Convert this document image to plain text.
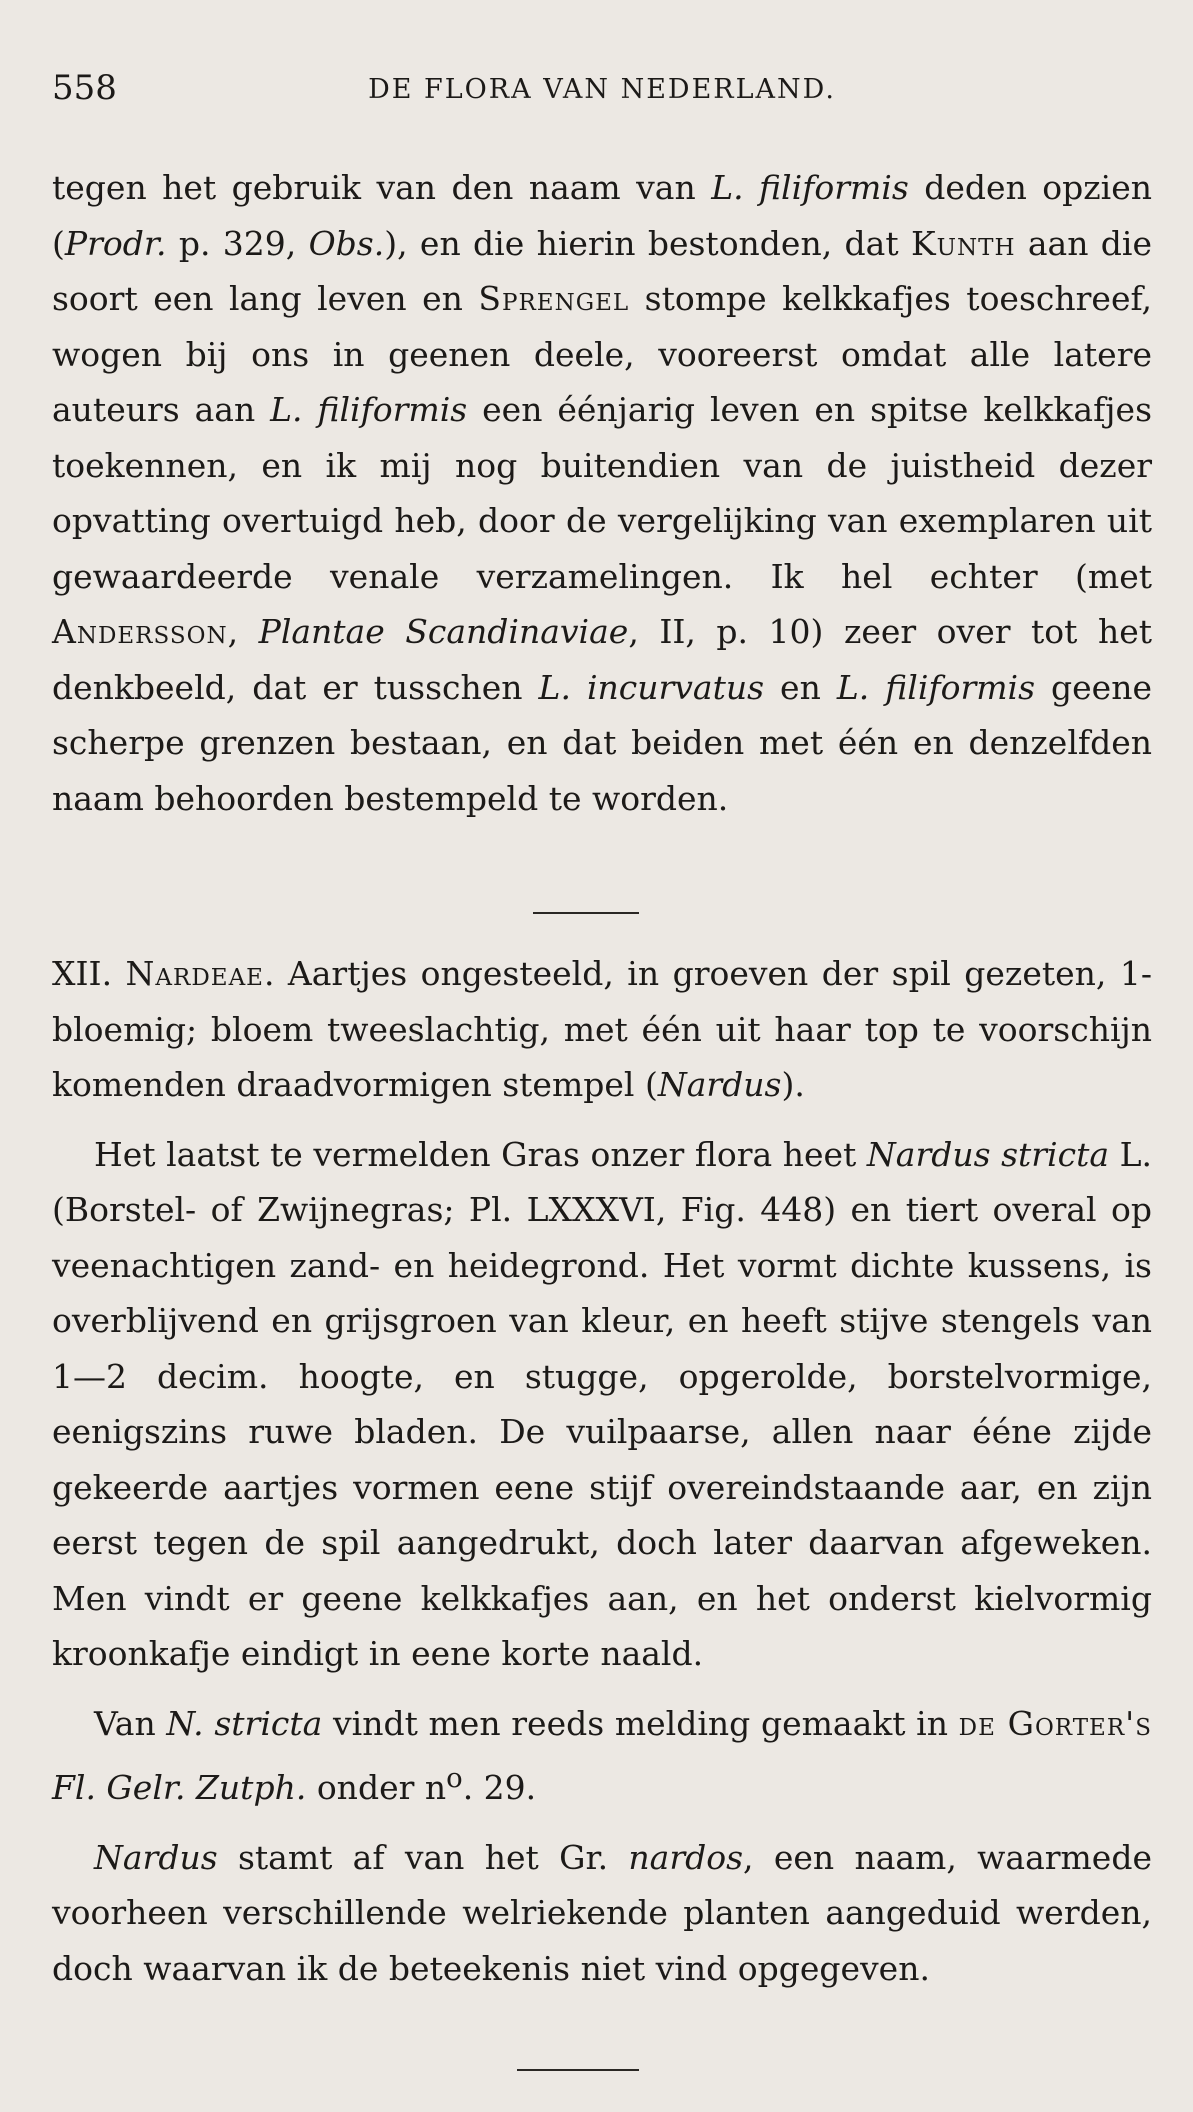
558	DE FLORA VAN NEDERLAND.

tegen het gebruik van den naam van L. filiformis deden opzien (Prodr. p. 329, Obs.), en die hierin bestonden, dat Kunth aan die soort een lang leven en Sprengel stompe kelkkafjes toeschreef, wogen bij ons in geenen deele, vooreerst omdat alle latere auteurs aan L. filiformis een éénjarig leven en spitse kelkkafjes toekennen, en ik mij nog buitendien van de juistheid dezer opvatting overtuigd heb, door de vergelijking van exemplaren uit gewaardeerde venale verzamelingen. Ik hel echter (met Andersson, Plantae Scandinaviae, II, p. 10) zeer over tot het denkbeeld, dat er tusschen L. incurvatus en L. filiformis geene scherpe grenzen bestaan, en dat beiden met één en denzelfden naam behoorden bestempeld te worden.

XII. Nardeae. Aartjes ongesteeld, in groeven der spil gezeten, 1-bloemig; bloem tweeslachtig, met één uit haar top te voorschijn komenden draadvormigen stempel (Nardus).

Het laatst te vermelden Gras onzer flora heet Nardus stricta L. (Borstel- of Zwijnegras; Pl. LXXXVI, Fig. 448) en tiert overal op veenachtigen zand- en heidegrond. Het vormt dichte kussens, is overblijvend en grijsgroen van kleur, en heeft stijve stengels van 1—2 decim. hoogte, en stugge, opgerolde, borstelvormige, eenigszins ruwe bladen. De vuilpaarse, allen naar ééne zijde gekeerde aartjes vormen eene stijf overeindstaande aar, en zijn eerst tegen de spil aangedrukt, doch later daarvan afgeweken. Men vindt er geene kelkkafjes aan, en het onderst kielvormig kroonkafje eindigt in eene korte naald.

Van N. stricta vindt men reeds melding gemaakt in de Gorter's Fl. Gelr. Zutph. onder $n^o$. 29.

Nardus stamt af van het Gr. nardos, een naam, waarmede voorheen verschillende welriekende planten aangeduid werden, doch waarvan ik de beteekenis niet vind opgegeven.
